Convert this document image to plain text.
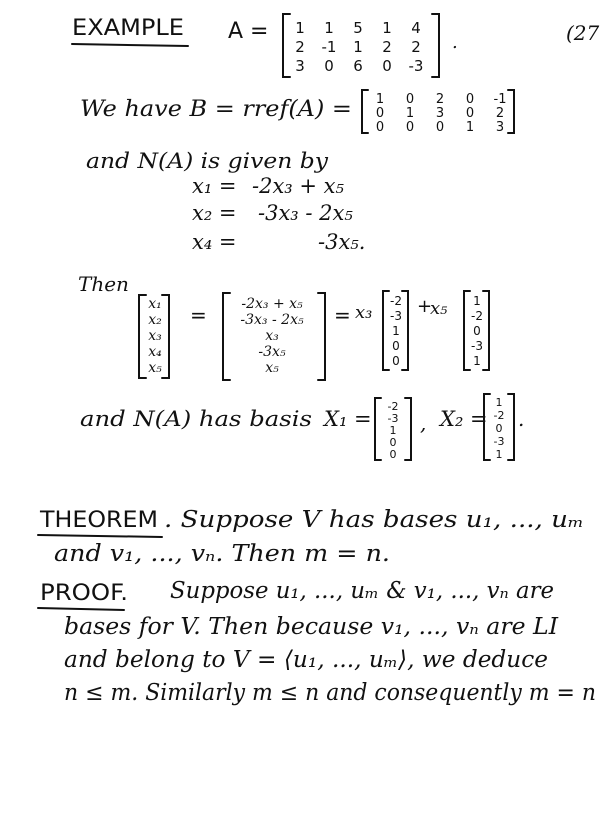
(27
EXAMPLE A = 1 1 5 1 4
2 -1 1 2 2
3 0 6 0 -3
.
We have B = rref(A) = 1 0 2 0 -1
0 1 3 0 2
0 0 0 1 3
and N(A) is given by
x₁ = -2x₃ + x₅
x₂ = -3x₃ - 2x₅
x₄ =	-3x₅.
Then
x₁
x₂
x₃
x₄
x₅
= -2x₃ + x₅
-3x₃ - 2x₅
x₃
-3x₅
x₅
= x₃
-2
-3
1
0
0
+
x₅ 1
-2
0
-3
1
and N(A) has basis X₁ =
-2
-3
1
0
0
, X₂ =
1
-2
0
-3
1
.
THEOREM . Suppose V has bases u₁, ..., uₘ
and v₁, ..., vₙ. Then m = n.
PROOF. Suppose u₁, ..., uₘ & v₁, ..., vₙ are
bases for V. Then because v₁, ..., vₙ are LI
and belong to V = ⟨u₁, ..., uₘ⟩, we deduce
n ≤ m. Similarly m ≤ n and consequently m = n
